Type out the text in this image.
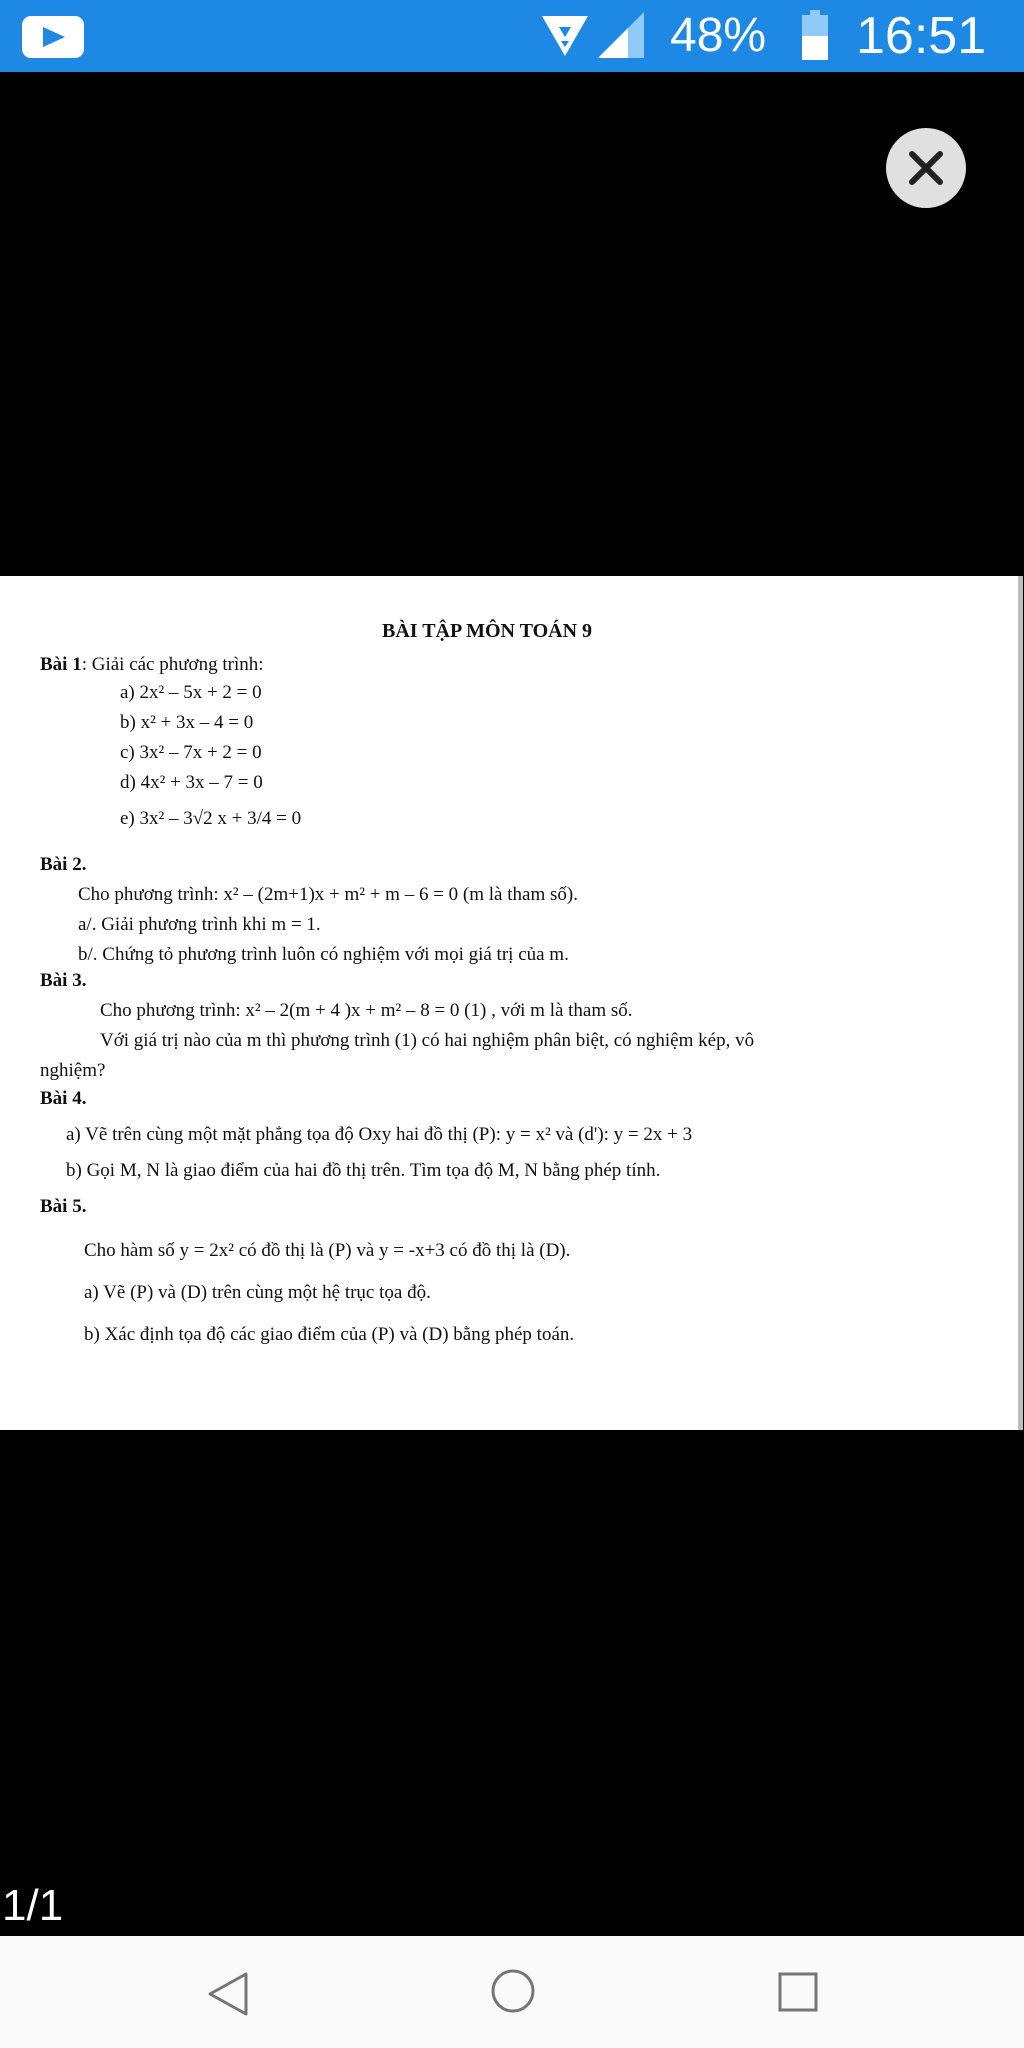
48% 16:51
BÀI TẬP MÔN TOÁN 9
Bài 1: Giải các phương trình:
a) 2x² – 5x + 2 = 0
b) x² + 3x – 4 = 0
c) 3x² – 7x + 2 = 0
d) 4x² + 3x – 7 = 0
e) 3x² – 3√2 x + 3/4 = 0
Bài 2.
Cho phương trình: x² – (2m+1)x + m² + m – 6 = 0 (m là tham số).
a/. Giải phương trình khi m = 1.
b/. Chứng tỏ phương trình luôn có nghiệm với mọi giá trị của m.
Bài 3.
Cho phương trình: x² – 2(m + 4 )x + m² – 8 = 0 (1) , với m là tham số.
Với giá trị nào của m thì phương trình (1) có hai nghiệm phân biệt, có nghiệm kép, vô
nghiệm?
Bài 4.
a) Vẽ trên cùng một mặt phẳng tọa độ Oxy hai đồ thị (P): y = x² và (d'): y = 2x + 3
b) Gọi M, N là giao điểm của hai đồ thị trên. Tìm tọa độ M, N bằng phép tính.
Bài 5.
Cho hàm số y = 2x² có đồ thị là (P) và y = -x+3 có đồ thị là (D).
a) Vẽ (P) và (D) trên cùng một hệ trục tọa độ.
b) Xác định tọa độ các giao điểm của (P) và (D) bằng phép toán.
1/1
